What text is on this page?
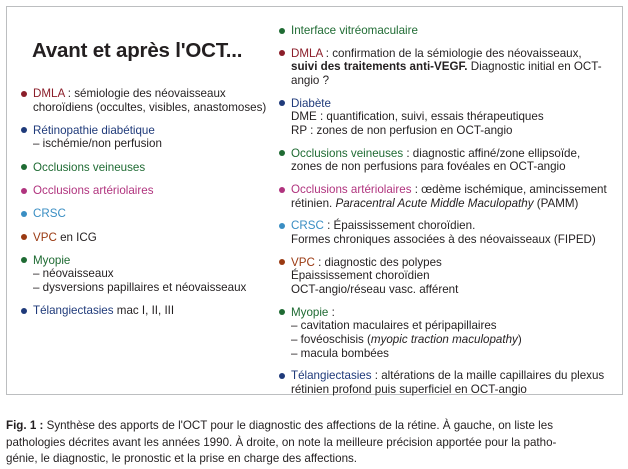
Avant et après l'OCT...
DMLA : sémiologie des néovaisseaux
choroïdiens (occultes, visibles, anastomoses)
Rétinopathie diabétique
– ischémie/non perfusion
Occlusions veineuses
Occlusions artériolaires
CRSC
VPC en ICG
Myopie
– néovaisseaux
– dysversions papillaires et néovaisseaux
Télangiectasies mac I, II, III
Interface vitréomaculaire
DMLA : confirmation de la sémiologie des néovaisseaux,
suivi des traitements anti-VEGF. Diagnostic initial en OCT-angio ?
Diabète
DME : quantification, suivi, essais thérapeutiques
RP : zones de non perfusion en OCT-angio
Occlusions veineuses : diagnostic affiné/zone ellipsoïde,
zones de non perfusions para fovéales en OCT-angio
Occlusions artériolaires : œdème ischémique, amincissement
rétinien. Paracentral Acute Middle Maculopathy (PAMM)
CRSC : Épaississement choroïdien.
Formes chroniques associées à des néovaisseaux (FIPED)
VPC : diagnostic des polypes
Épaississement choroïdien
OCT-angio/réseau vasc. afférent
Myopie :
– cavitation maculaires et péripapillaires
– fovéoschisis (myopic traction maculopathy)
– macula bombées
Télangiectasies : altérations de la maille capillaires du plexus
rétinien profond puis superficiel en OCT-angio
Fig. 1 : Synthèse des apports de l'OCT pour le diagnostic des affections de la rétine. À gauche, on liste les
pathologies décrites avant les années 1990. À droite, on note la meilleure précision apportée pour la patho-
génie, le diagnostic, le pronostic et la prise en charge des affections.
